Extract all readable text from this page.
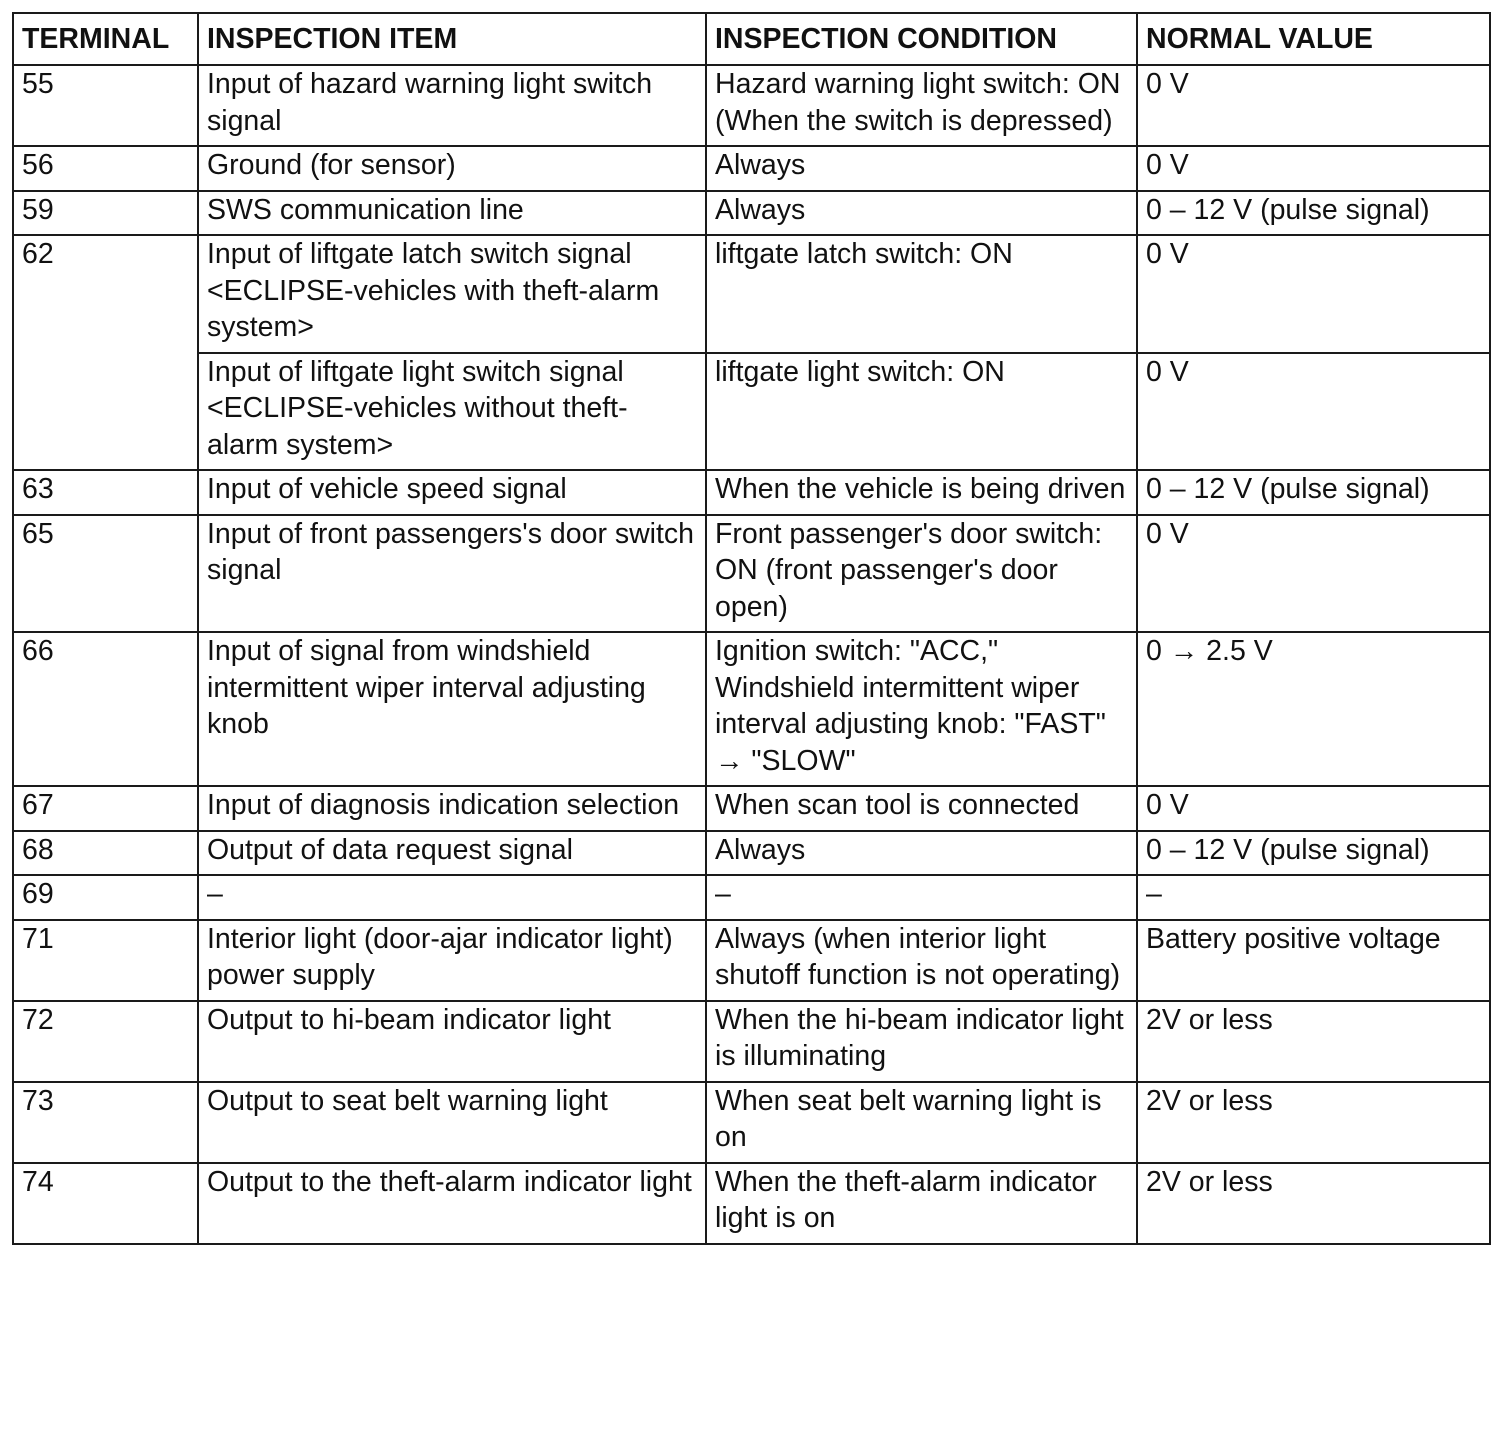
TERMINAL	INSPECTION ITEM	INSPECTION CONDITION	NORMAL VALUE
55	Input of hazard warning light switch signal	Hazard warning light switch: ON (When the switch is depressed)	0 V
56	Ground (for sensor)	Always	0 V
59	SWS communication line	Always	0 – 12 V (pulse signal)
62	Input of liftgate latch switch signal <ECLIPSE-vehicles with theft-alarm system>	liftgate latch switch: ON	0 V
	Input of liftgate light switch signal <ECLIPSE-vehicles without theft-alarm system>	liftgate light switch: ON	0 V
63	Input of vehicle speed signal	When the vehicle is being driven	0 – 12 V (pulse signal)
65	Input of front passengers's door switch signal	Front passenger's door switch: ON (front passenger's door open)	0 V
66	Input of signal from windshield intermittent wiper interval adjusting knob	Ignition switch: "ACC," Windshield intermittent wiper interval adjusting knob: "FAST" → "SLOW"	0 → 2.5 V
67	Input of diagnosis indication selection	When scan tool is connected	0 V
68	Output of data request signal	Always	0 – 12 V (pulse signal)
69	–	–	–
71	Interior light (door-ajar indicator light) power supply	Always (when interior light shutoff function is not operating)	Battery positive voltage
72	Output to hi-beam indicator light	When the hi-beam indicator light is illuminating	2V or less
73	Output to seat belt warning light	When seat belt warning light is on	2V or less
74	Output to the theft-alarm indicator light	When the theft-alarm indicator light is on	2V or less
